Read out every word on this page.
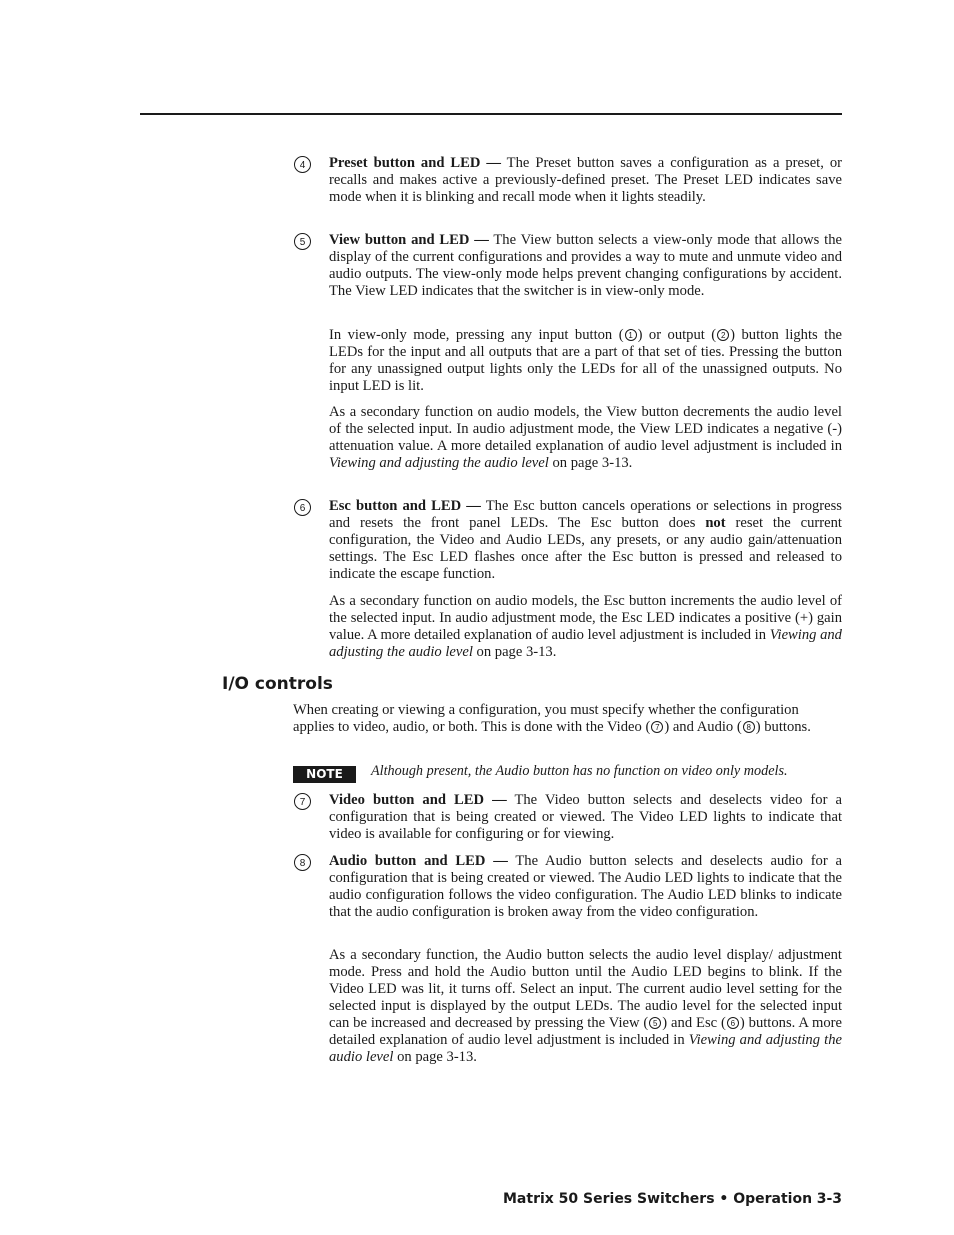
4	Preset button and LED — The Preset button saves a configuration as a preset, or recalls and makes active a previously-defined preset. The Preset LED indicates save mode when it is blinking and recall mode when it lights steadily.

5	View button and LED — The View button selects a view-only mode that allows the display of the current configurations and provides a way to mute and unmute video and audio outputs. The view-only mode helps prevent changing configurations by accident. The View LED indicates that the switcher is in view-only mode.

In view-only mode, pressing any input button ( 1 ) or output ( 2 ) button lights the LEDs for the input and all outputs that are a part of that set of ties. Pressing the button for any unassigned output lights only the LEDs for all of the unassigned outputs. No input LED is lit.

As a secondary function on audio models, the View button decrements the audio level of the selected input. In audio adjustment mode, the View LED indicates a negative (-) attenuation value. A more detailed explanation of audio level adjustment is included in Viewing and adjusting the audio level on page 3-13.

6	Esc button and LED — The Esc button cancels operations or selections in progress and resets the front panel LEDs. The Esc button does not reset the current configuration, the Video and Audio LEDs, any presets, or any audio gain/attenuation settings. The Esc LED flashes once after the Esc button is pressed and released to indicate the escape function.

As a secondary function on audio models, the Esc button increments the audio level of the selected input. In audio adjustment mode, the Esc LED indicates a positive (+) gain value. A more detailed explanation of audio level adjustment is included in Viewing and adjusting the audio level on page 3-13.

I/O controls

When creating or viewing a configuration, you must specify whether the configuration applies to video, audio, or both. This is done with the Video ( 7 ) and Audio ( 8 ) buttons.

NOTE	Although present, the Audio button has no function on video only models.

7	Video button and LED — The Video button selects and deselects video for a configuration that is being created or viewed. The Video LED lights to indicate that video is available for configuring or for viewing.

8	Audio button and LED — The Audio button selects and deselects audio for a configuration that is being created or viewed. The Audio LED lights to indicate that the audio configuration follows the video configuration. The Audio LED blinks to indicate that the audio configuration is broken away from the video configuration.

As a secondary function, the Audio button selects the audio level display/ adjustment mode. Press and hold the Audio button until the Audio LED begins to blink. If the Video LED was lit, it turns off. Select an input. The current audio level setting for the selected input is displayed by the output LEDs. The audio level for the selected input can be increased and decreased by pressing the View ( 5 ) and Esc ( 6 ) buttons. A more detailed explanation of audio level adjustment is included in Viewing and adjusting the audio level on page 3-13.

Matrix 50 Series Switchers • Operation 3-3
